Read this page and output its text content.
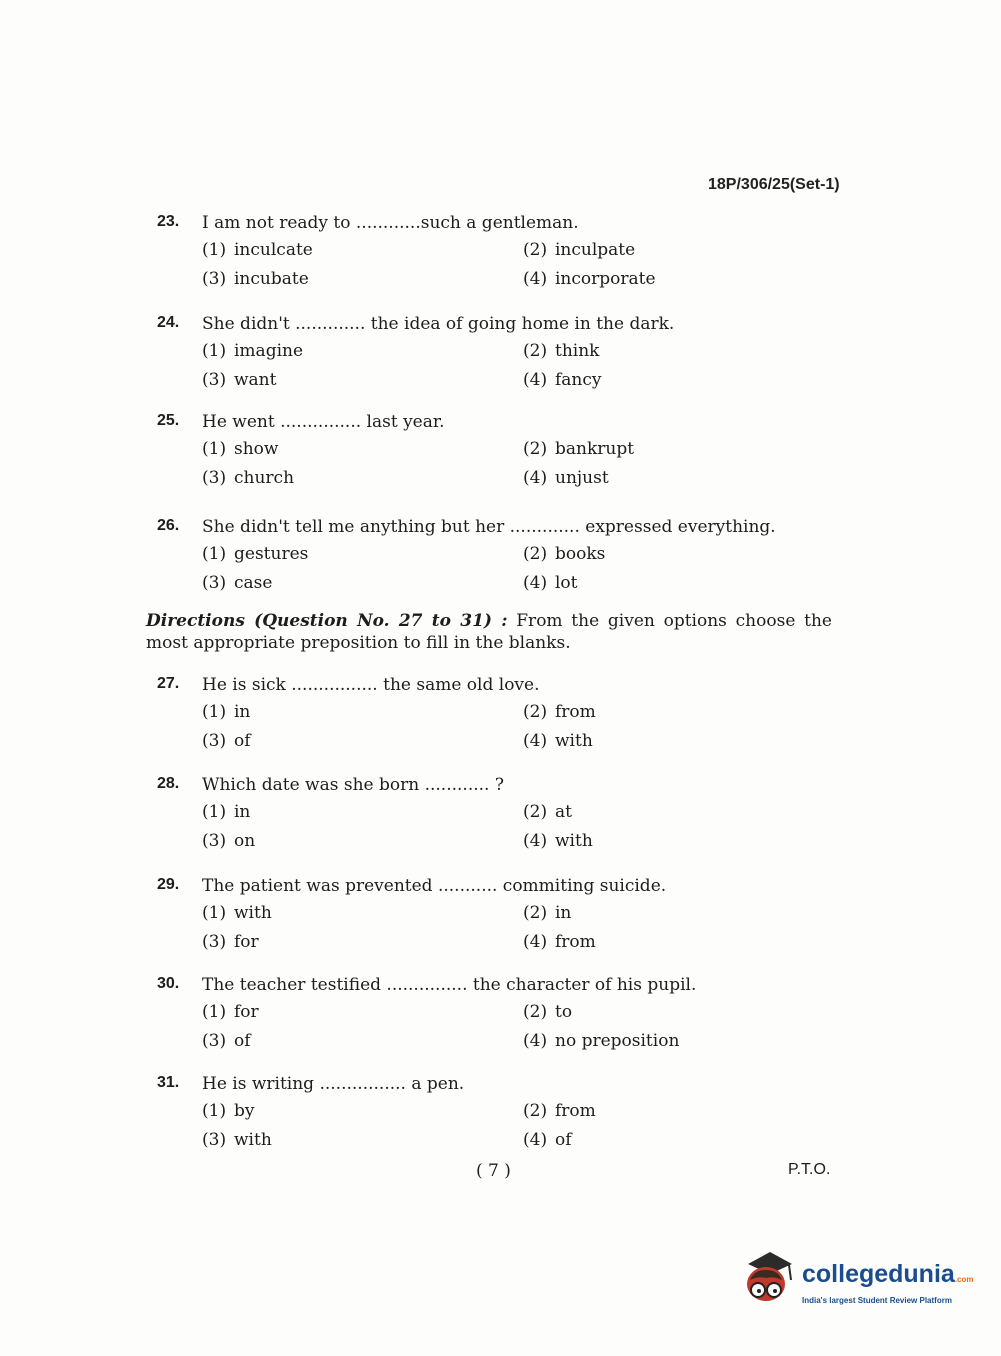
18P/306/25(Set-1)
23. I am not ready to ............such a gentleman.
(1) inculcate	(2) inculpate
(3) incubate	(4) incorporate
24. She didn't ............. the idea of going home in the dark.
(1) imagine	(2) think
(3) want	(4) fancy
25. He went ............... last year.
(1) show	(2) bankrupt
(3) church	(4) unjust
26. She didn't tell me anything but her ............. expressed everything.
(1) gestures	(2) books
(3) case	(4) lot
Directions (Question No. 27 to 31) : From the given options choose the most appropriate preposition to fill in the blanks.
27. He is sick ................ the same old love.
(1) in	(2) from
(3) of	(4) with
28. Which date was she born ............ ?
(1) in	(2) at
(3) on	(4) with
29. The patient was prevented ........... commiting suicide.
(1) with	(2) in
(3) for	(4) from
30. The teacher testified ............... the character of his pupil.
(1) for	(2) to
(3) of	(4) no preposition
31. He is writing ................ a pen.
(1) by	(2) from
(3) with	(4) of
( 7 )	P.T.O.
collegedunia.com
India's largest Student Review Platform
